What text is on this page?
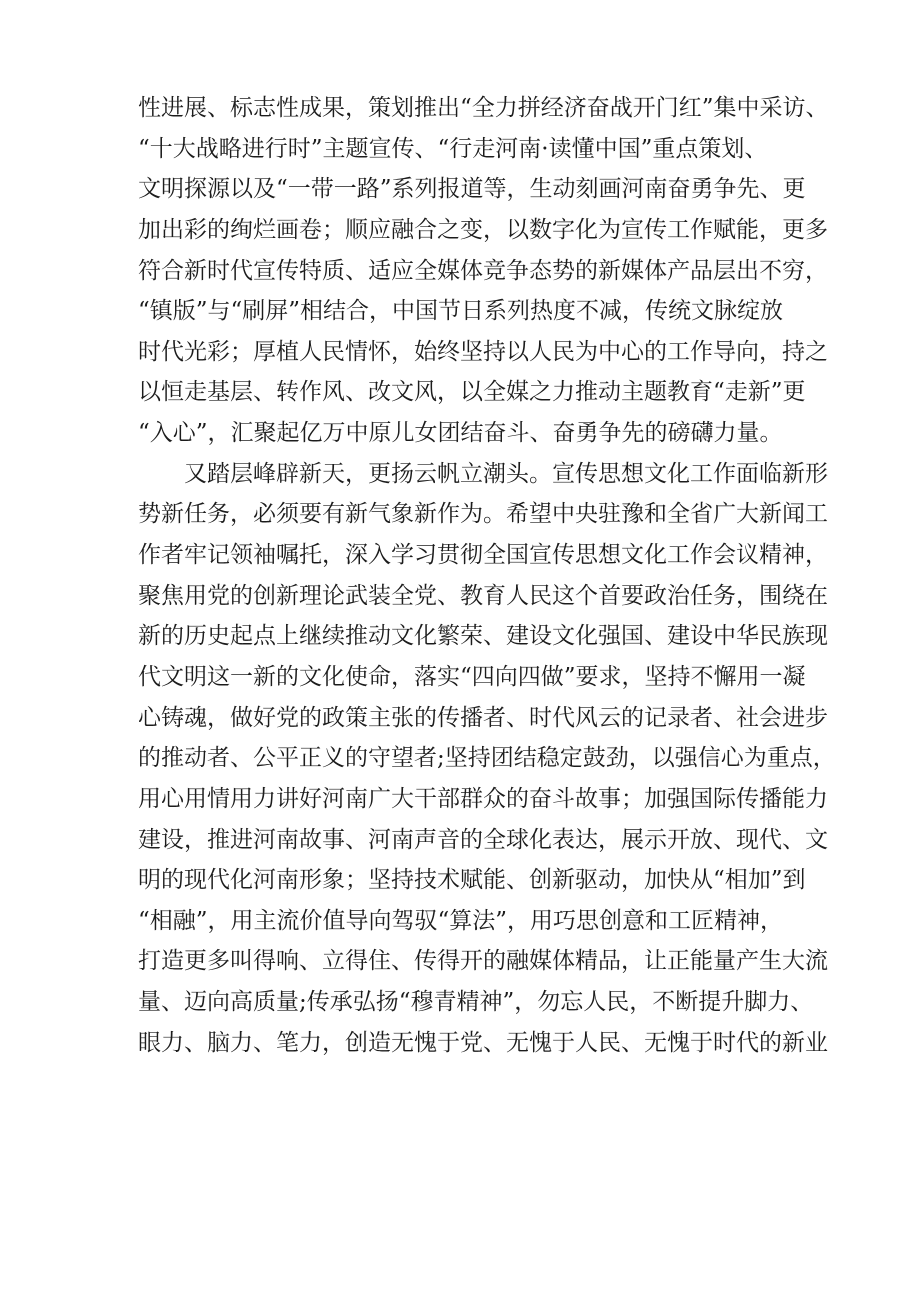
性进展、标志性成果，策划推出“全力拼经济奋战开门红”集中采访、
“十大战略进行时”主题宣传、“行走河南·读懂中国”重点策划、
文明探源以及“一带一路”系列报道等，生动刻画河南奋勇争先、更
加出彩的绚烂画卷；顺应融合之变，以数字化为宣传工作赋能，更多
符合新时代宣传特质、适应全媒体竞争态势的新媒体产品层出不穷，
“镇版”与“刷屏”相结合，中国节日系列热度不减，传统文脉绽放
时代光彩；厚植人民情怀，始终坚持以人民为中心的工作导向，持之
以恒走基层、转作风、改文风，以全媒之力推动主题教育“走新”更
“入心”，汇聚起亿万中原儿女团结奋斗、奋勇争先的磅礴力量。
又踏层峰辟新天，更扬云帆立潮头。宣传思想文化工作面临新形
势新任务，必须要有新气象新作为。希望中央驻豫和全省广大新闻工
作者牢记领袖嘱托，深入学习贯彻全国宣传思想文化工作会议精神，
聚焦用党的创新理论武装全党、教育人民这个首要政治任务，围绕在
新的历史起点上继续推动文化繁荣、建设文化强国、建设中华民族现
代文明这一新的文化使命，落实“四向四做”要求，坚持不懈用一凝
心铸魂，做好党的政策主张的传播者、时代风云的记录者、社会进步
的推动者、公平正义的守望者;坚持团结稳定鼓劲，以强信心为重点，
用心用情用力讲好河南广大干部群众的奋斗故事；加强国际传播能力
建设，推进河南故事、河南声音的全球化表达，展示开放、现代、文
明的现代化河南形象；坚持技术赋能、创新驱动，加快从“相加”到
“相融”，用主流价值导向驾驭“算法”，用巧思创意和工匠精神，
打造更多叫得响、立得住、传得开的融媒体精品，让正能量产生大流
量、迈向高质量;传承弘扬“穆青精神”，勿忘人民，不断提升脚力、
眼力、脑力、笔力，创造无愧于党、无愧于人民、无愧于时代的新业
